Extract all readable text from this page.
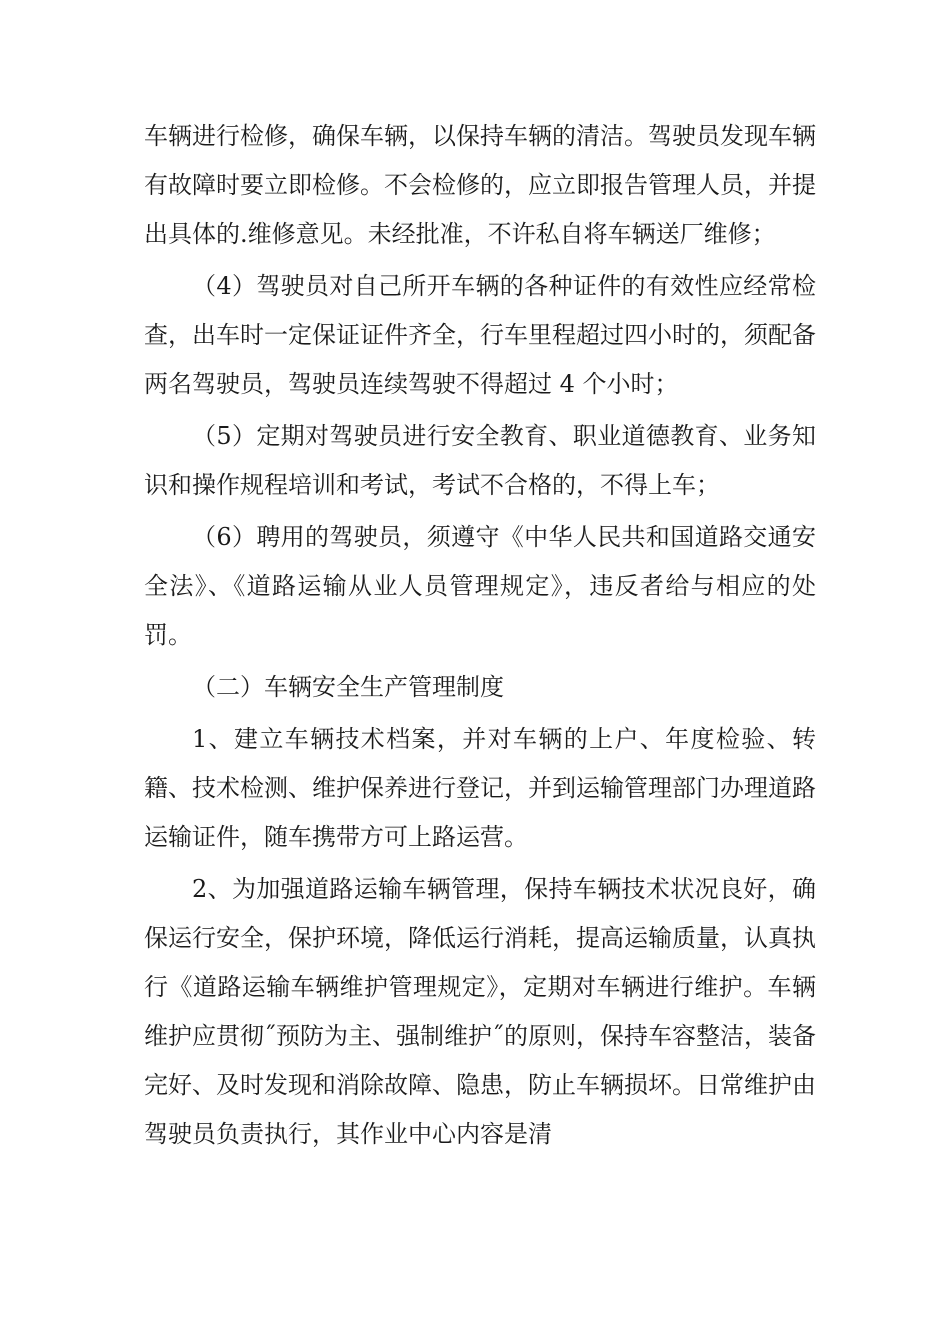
车辆进行检修，确保车辆，以保持车辆的清洁。驾驶员发现车辆有故障时要立即检修。不会检修的，应立即报告管理人员，并提出具体的.维修意见。未经批准，不许私自将车辆送厂维修；

（4）驾驶员对自己所开车辆的各种证件的有效性应经常检查，出车时一定保证证件齐全，行车里程超过四小时的，须配备两名驾驶员，驾驶员连续驾驶不得超过 4 个小时；

（5）定期对驾驶员进行安全教育、职业道德教育、业务知识和操作规程培训和考试，考试不合格的，不得上车；

（6）聘用的驾驶员，须遵守《中华人民共和国道路交通安全法》、《道路运输从业人员管理规定》，违反者给与相应的处罚。

（二）车辆安全生产管理制度

1、建立车辆技术档案，并对车辆的上户、年度检验、转籍、技术检测、维护保养进行登记，并到运输管理部门办理道路运输证件，随车携带方可上路运营。

2、为加强道路运输车辆管理，保持车辆技术状况良好，确保运行安全，保护环境，降低运行消耗，提高运输质量，认真执行《道路运输车辆维护管理规定》，定期对车辆进行维护。车辆维护应贯彻˝预防为主、强制维护˝的原则，保持车容整洁，装备完好、及时发现和消除故障、隐患，防止车辆损坏。日常维护由驾驶员负责执行，其作业中心内容是清
